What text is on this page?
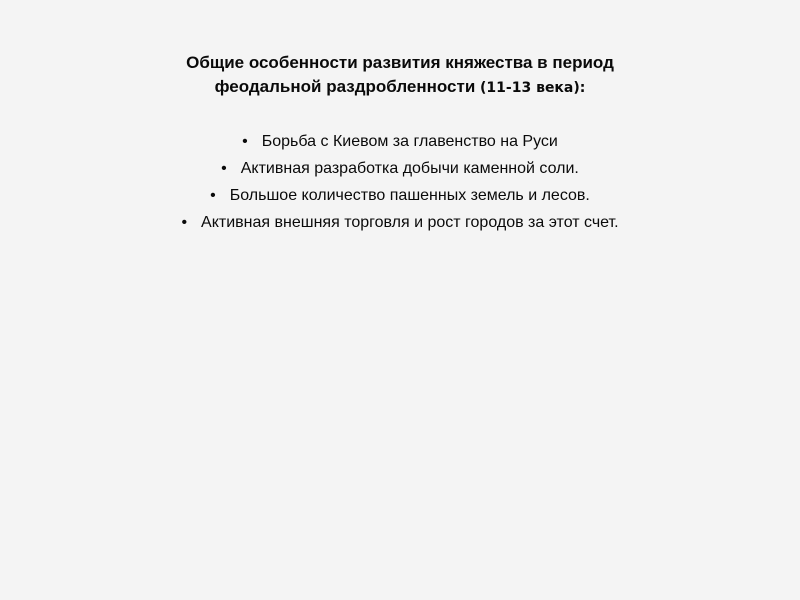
Общие особенности развития княжества в период
феодальной раздробленности (11-13 века):
• Борьба с Киевом за главенство на Руси
• Активная разработка добычи каменной соли.
• Большое количество пашенных земель и лесов.
• Активная внешняя торговля и рост городов за этот счет.
